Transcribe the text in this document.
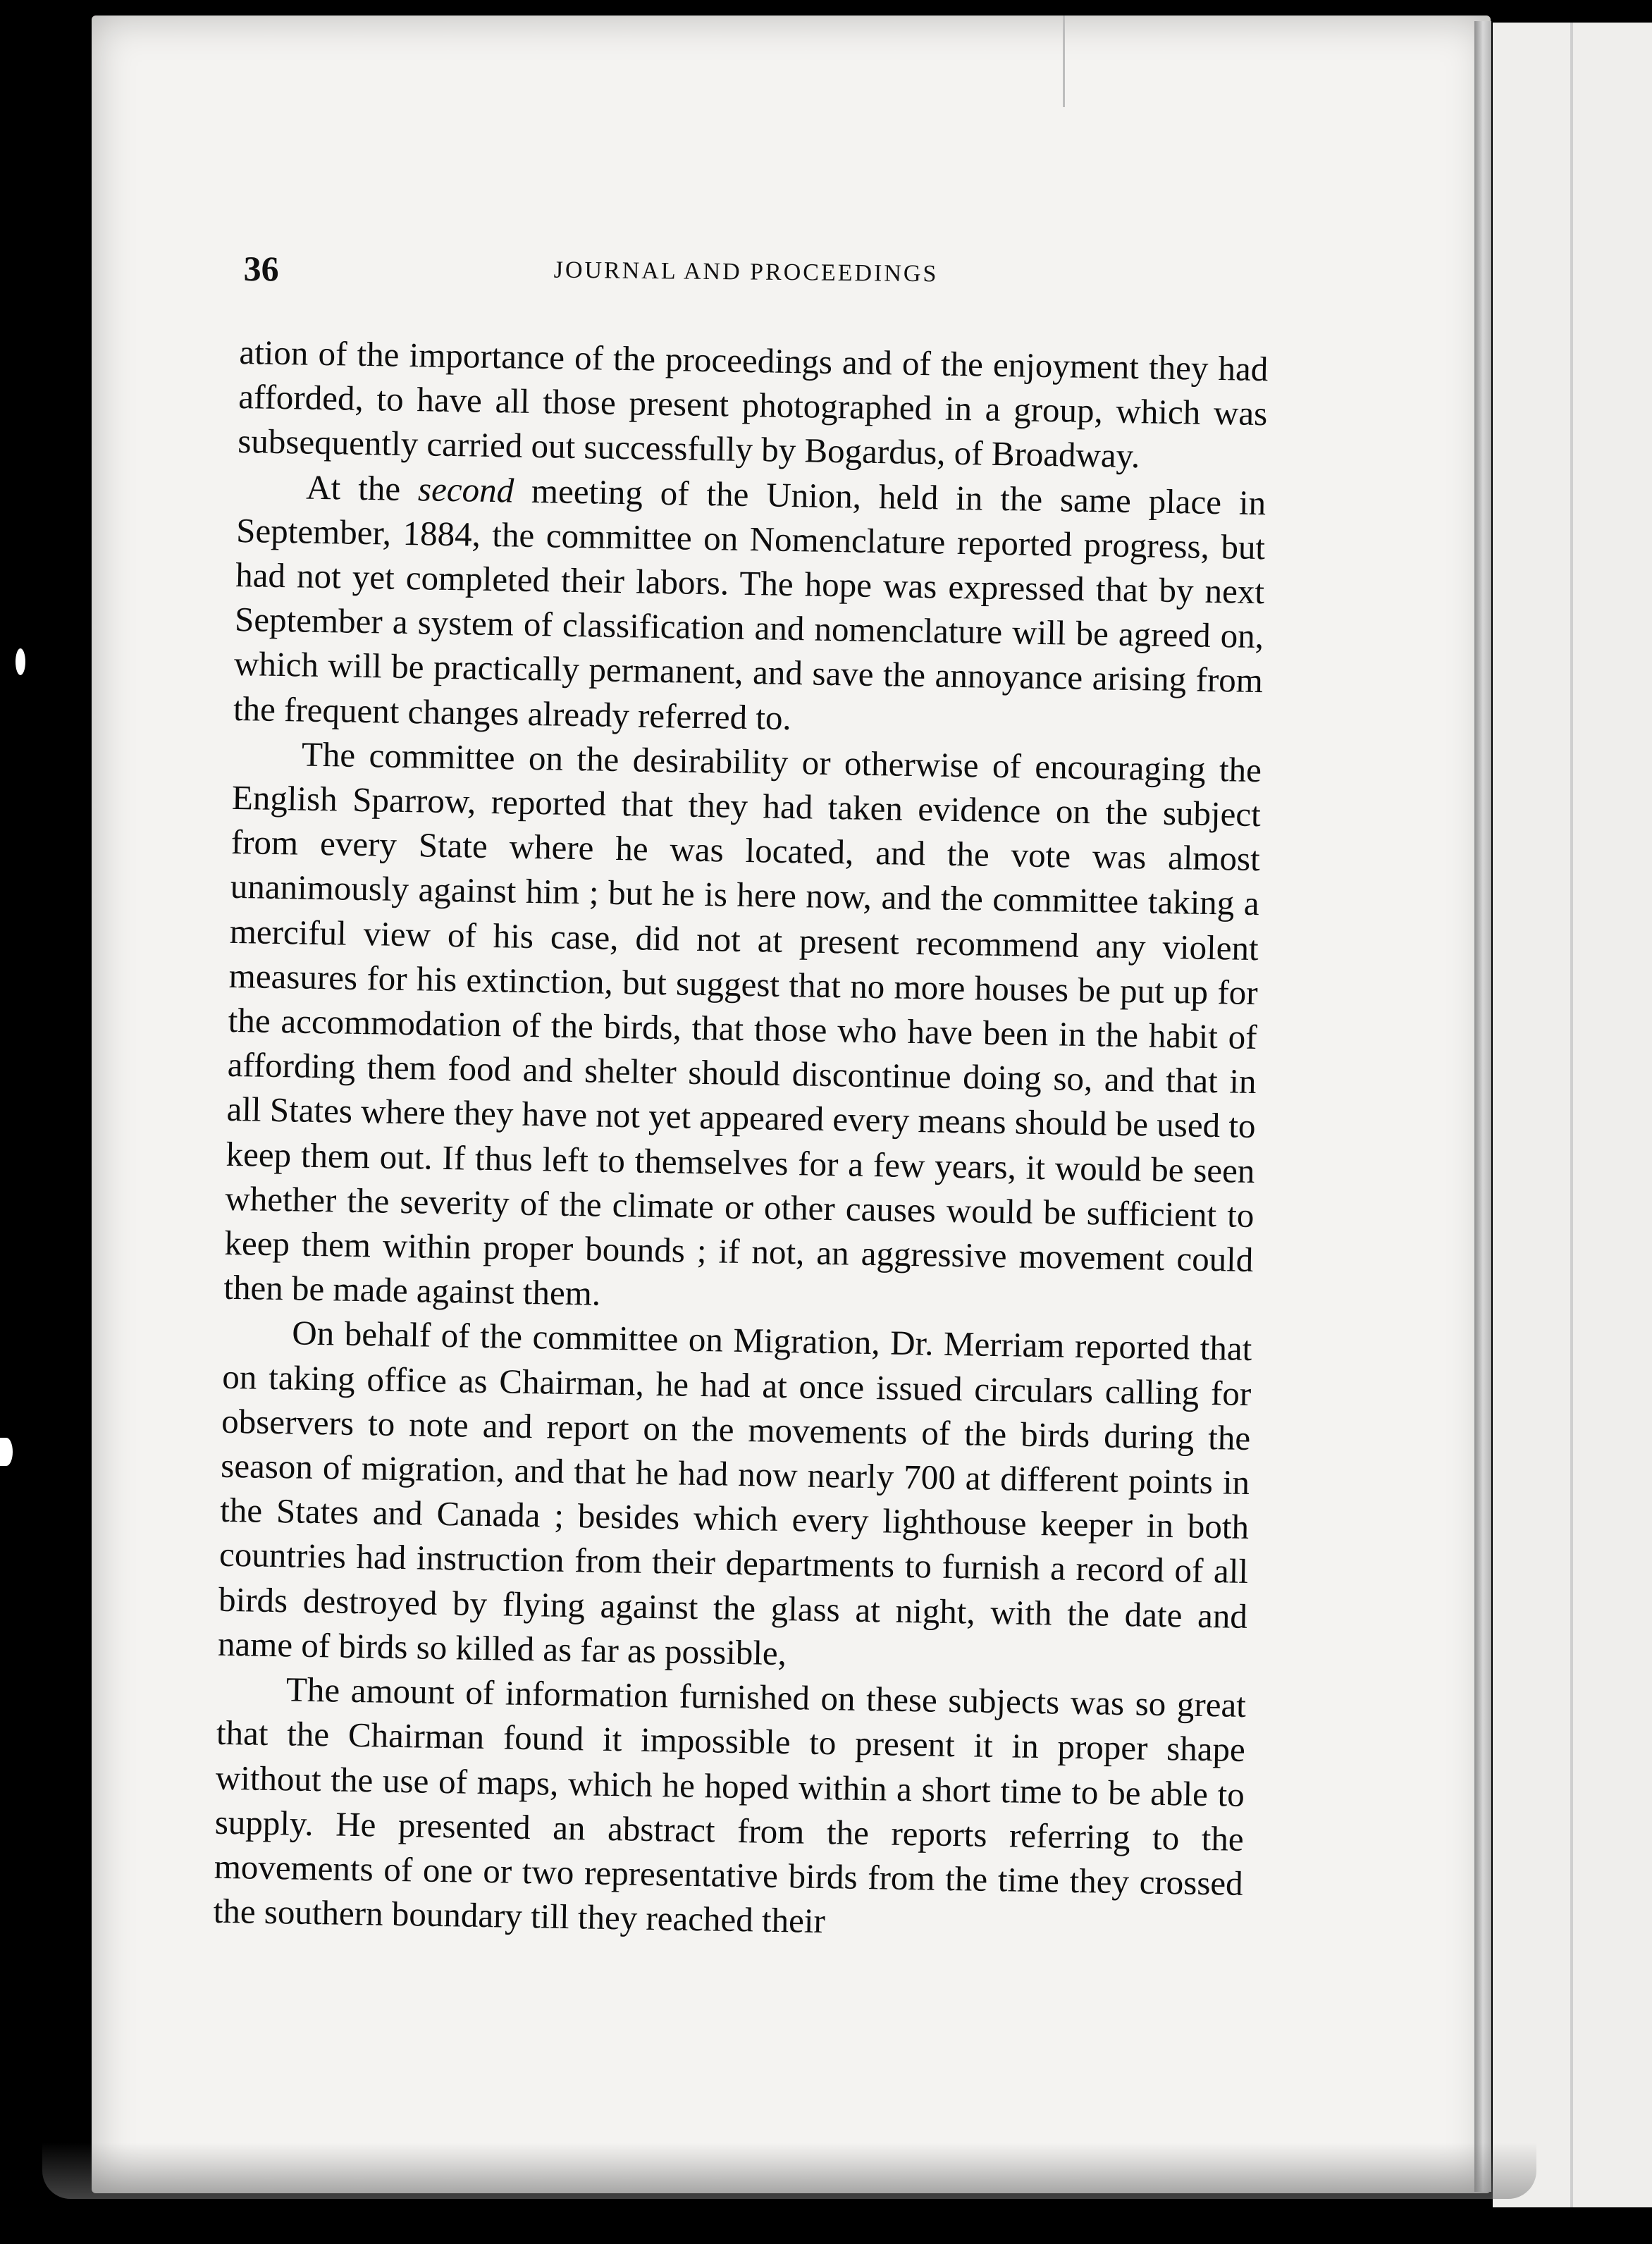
36	JOURNAL AND PROCEEDINGS

ation of the importance of the proceedings and of the enjoyment they had afforded, to have all those present photographed in a group, which was subsequently carried out successfully by Bogardus, of Broadway.

At the second meeting of the Union, held in the same place in September, 1884, the committee on Nomenclature reported progress, but had not yet completed their labors. The hope was expressed that by next September a system of classification and nomenclature will be agreed on, which will be practically permanent, and save the annoyance arising from the frequent changes already referred to.

The committee on the desirability or otherwise of encouraging the English Sparrow, reported that they had taken evidence on the subject from every State where he was located, and the vote was almost unanimously against him ; but he is here now, and the committee taking a merciful view of his case, did not at present recommend any violent measures for his extinction, but suggest that no more houses be put up for the accommodation of the birds, that those who have been in the habit of affording them food and shelter should discontinue doing so, and that in all States where they have not yet appeared every means should be used to keep them out. If thus left to themselves for a few years, it would be seen whether the severity of the climate or other causes would be sufficient to keep them within proper bounds ; if not, an aggressive movement could then be made against them.

On behalf of the committee on Migration, Dr. Merriam reported that on taking office as Chairman, he had at once issued circulars calling for observers to note and report on the movements of the birds during the season of migration, and that he had now nearly 700 at different points in the States and Canada ; besides which every lighthouse keeper in both countries had instruction from their departments to furnish a record of all birds destroyed by flying against the glass at night, with the date and name of birds so killed as far as possible,

The amount of information furnished on these subjects was so great that the Chairman found it impossible to present it in proper shape without the use of maps, which he hoped within a short time to be able to supply. He presented an abstract from the reports referring to the movements of one or two representative birds from the time they crossed the southern boundary till they reached their
